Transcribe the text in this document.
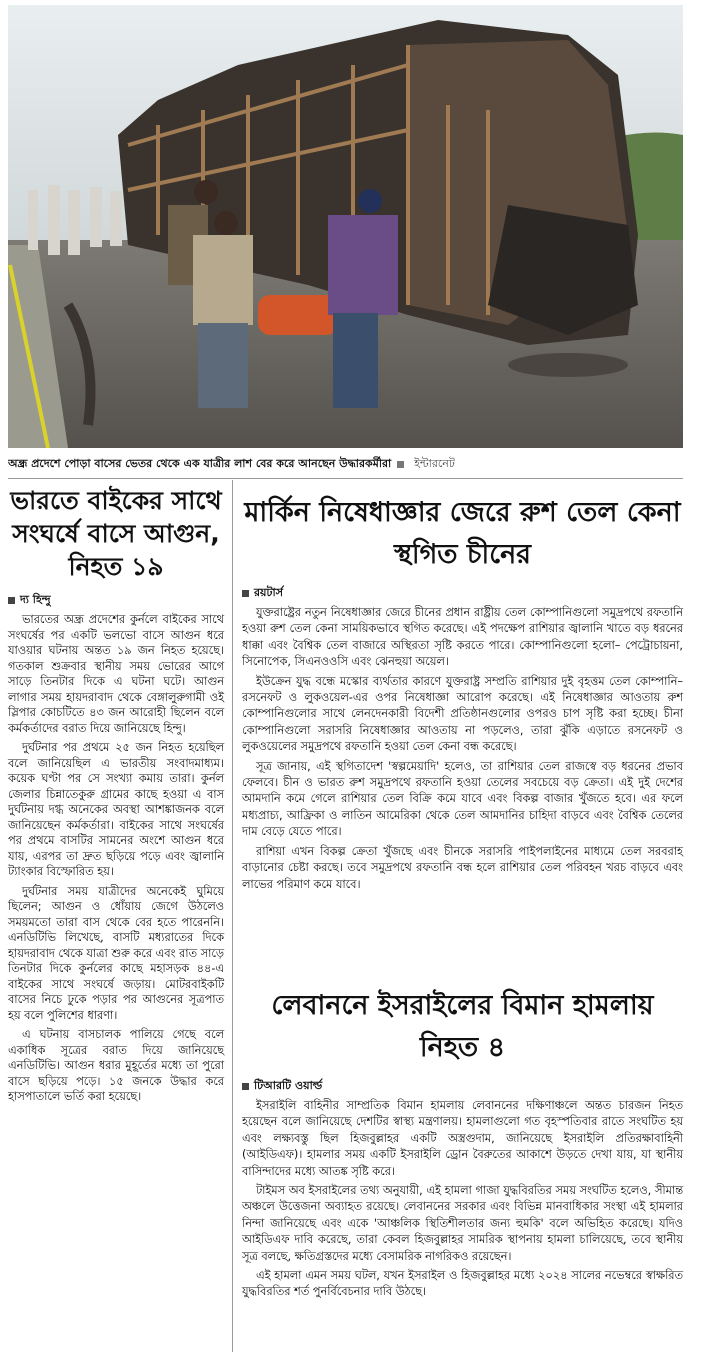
অন্ধ্র প্রদেশে পোড়া বাসের ভেতর থেকে এক যাত্রীর লাশ বের করে আনছেন উদ্ধারকর্মীরা ইন্টারনেট
ভারতে বাইকের সাথে সংঘর্ষে বাসে আগুন, নিহত ১৯
দ্য হিন্দু

ভারতের অন্ধ্র প্রদেশের কুর্নলে বাইকের সাথে সংঘর্ষের পর একটি ভলভো বাসে আগুন ধরে যাওয়ার ঘটনায় অন্তত ১৯ জন নিহত হয়েছে। গতকাল শুক্রবার স্থানীয় সময় ভোরের আগে সাড়ে তিনটার দিকে এ ঘটনা ঘটে। আগুন লাগার সময় হায়দরাবাদ থেকে বেঙ্গালুরুগামী ওই স্লিপার কোচটিতে ৪৩ জন আরোহী ছিলেন বলে কর্মকর্তাদের বরাত দিয়ে জানিয়েছে হিন্দু।

দুর্ঘটনার পর প্রথমে ২৫ জন নিহত হয়েছিল বলে জানিয়েছিল এ ভারতীয় সংবাদমাধ্যম। কয়েক ঘণ্টা পর সে সংখ্যা কমায় তারা। কুর্নল জেলার চিন্নাতেকুরু গ্রামের কাছে হওয়া এ বাস দুর্ঘটনায় দগ্ধ অনেকের অবস্থা আশঙ্কাজনক বলে জানিয়েছেন কর্মকর্তারা। বাইকের সাথে সংঘর্ষের পর প্রথমে বাসটির সামনের অংশে আগুন ধরে যায়, এরপর তা দ্রুত ছড়িয়ে পড়ে এবং জ্বালানি ট্যাংকার বিস্ফোরিত হয়।

দুর্ঘটনার সময় যাত্রীদের অনেকেই ঘুমিয়ে ছিলেন; আগুন ও ধোঁয়ায় জেগে উঠলেও সময়মতো তারা বাস থেকে বের হতে পারেননি। এনডিটিভি লিখেছে, বাসটি মধ্যরাতের দিকে হায়দরাবাদ থেকে যাত্রা শুরু করে এবং রাত সাড়ে তিনটার দিকে কুর্নলের কাছে মহাসড়ক ৪৪-এ বাইকের সাথে সংঘর্ষে জড়ায়। মোটরবাইকটি বাসের নিচে ঢুকে পড়ার পর আগুনের সূত্রপাত হয় বলে পুলিশের ধারণা।

এ ঘটনায় বাসচালক পালিয়ে গেছে বলে একাধিক সূত্রের বরাত দিয়ে জানিয়েছে এনডিটিভি। আগুন ধরার মুহূর্তের মধ্যে তা পুরো বাসে ছড়িয়ে পড়ে। ১৫ জনকে উদ্ধার করে হাসপাতালে ভর্তি করা হয়েছে।

মার্কিন নিষেধাজ্ঞার জেরে রুশ তেল কেনা স্থগিত চীনের
রয়টার্স

যুক্তরাষ্ট্রের নতুন নিষেধাজ্ঞার জেরে চীনের প্রধান রাষ্ট্রীয় তেল কোম্পানিগুলো সমুদ্রপথে রফতানি হওয়া রুশ তেল কেনা সাময়িকভাবে স্থগিত করেছে। এই পদক্ষেপ রাশিয়ার জ্বালানি খাতে বড় ধরনের ধাক্কা এবং বৈশ্বিক তেল বাজারে অস্থিরতা সৃষ্টি করতে পারে। কোম্পানিগুলো হলো– পেট্রোচায়না, সিনোপেক, সিএনওওসি এবং ঝেনহুয়া অয়েল।

ইউক্রেন যুদ্ধ বন্ধে মস্কোর ব্যর্থতার কারণে যুক্তরাষ্ট্র সম্প্রতি রাশিয়ার দুই বৃহত্তম তেল কোম্পানি– রসনেফট ও লুকওয়েল-এর ওপর নিষেধাজ্ঞা আরোপ করেছে। এই নিষেধাজ্ঞার আওতায় রুশ কোম্পানিগুলোর সাথে লেনদেনকারী বিদেশী প্রতিষ্ঠানগুলোর ওপরও চাপ সৃষ্টি করা হচ্ছে। চীনা কোম্পানিগুলো সরাসরি নিষেধাজ্ঞার আওতায় না পড়লেও, তারা ঝুঁকি এড়াতে রসনেফট ও লুকওয়েলের সমুদ্রপথে রফতানি হওয়া তেল কেনা বন্ধ করেছে।

সূত্র জানায়, এই স্থগিতাদেশ 'স্বল্পমেয়াদি' হলেও, তা রাশিয়ার তেল রাজস্বে বড় ধরনের প্রভাব ফেলবে। চীন ও ভারত রুশ সমুদ্রপথে রফতানি হওয়া তেলের সবচেয়ে বড় ক্রেতা। এই দুই দেশের আমদানি কমে গেলে রাশিয়ার তেল বিক্রি কমে যাবে এবং বিকল্প বাজার খুঁজতে হবে। এর ফলে মধ্যপ্রাচ্য, আফ্রিকা ও লাতিন আমেরিকা থেকে তেল আমদানির চাহিদা বাড়বে এবং বৈশ্বিক তেলের দাম বেড়ে যেতে পারে।

রাশিয়া এখন বিকল্প ক্রেতা খুঁজছে এবং চীনকে সরাসরি পাইপলাইনের মাধ্যমে তেল সরবরাহ বাড়ানোর চেষ্টা করছে। তবে সমুদ্রপথে রফতানি বন্ধ হলে রাশিয়ার তেল পরিবহন খরচ বাড়বে এবং লাভের পরিমাণ কমে যাবে।

লেবাননে ইসরাইলের বিমান হামলায় নিহত ৪
টিআরটি ওয়ার্ল্ড

ইসরাইলি বাহিনীর সাম্প্রতিক বিমান হামলায় লেবাননের দক্ষিণাঞ্চলে অন্তত চারজন নিহত হয়েছেন বলে জানিয়েছে দেশটির স্বাস্থ্য মন্ত্রণালয়। হামলাগুলো গত বৃহস্পতিবার রাতে সংঘটিত হয় এবং লক্ষ্যবস্তু ছিল হিজবুল্লাহর একটি অস্ত্রগুদাম, জানিয়েছে ইসরাইলি প্রতিরক্ষাবাহিনী (আইডিএফ)। হামলার সময় একটি ইসরাইলি ড্রোন বৈরুতের আকাশে উড়তে দেখা যায়, যা স্থানীয় বাসিন্দাদের মধ্যে আতঙ্ক সৃষ্টি করে।

টাইমস অব ইসরাইলের তথ্য অনুযায়ী, এই হামলা গাজা যুদ্ধবিরতির সময় সংঘটিত হলেও, সীমান্ত অঞ্চলে উত্তেজনা অব্যাহত রয়েছে। লেবাননের সরকার এবং বিভিন্ন মানবাধিকার সংস্থা এই হামলার নিন্দা জানিয়েছে এবং একে 'আঞ্চলিক স্থিতিশীলতার জন্য হুমকি' বলে অভিহিত করেছে। যদিও আইডিএফ দাবি করেছে, তারা কেবল হিজবুল্লাহর সামরিক স্থাপনায় হামলা চালিয়েছে, তবে স্থানীয় সূত্র বলছে, ক্ষতিগ্রস্তদের মধ্যে বেসামরিক নাগরিকও রয়েছেন।

এই হামলা এমন সময় ঘটল, যখন ইসরাইল ও হিজবুল্লাহর মধ্যে ২০২৪ সালের নভেম্বরে স্বাক্ষরিত যুদ্ধবিরতির শর্ত পুনর্বিবেচনার দাবি উঠছে।
